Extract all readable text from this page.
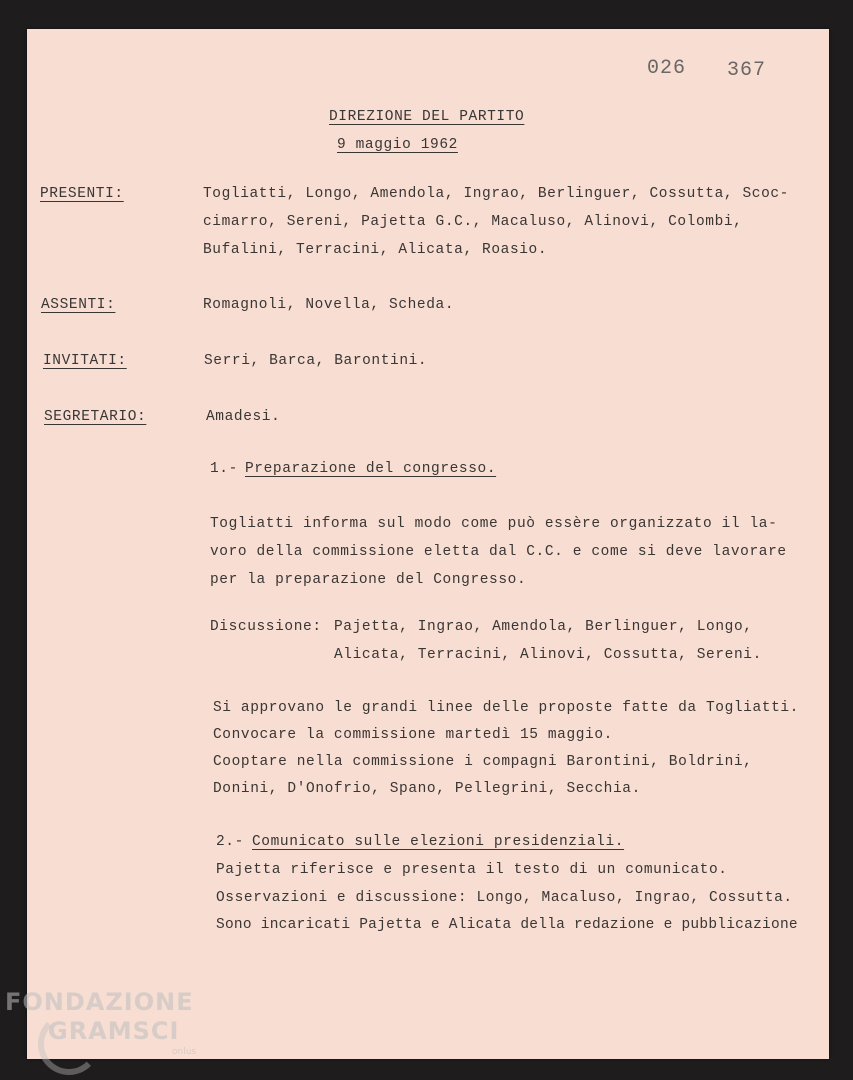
026 367
DIREZIONE DEL PARTITO
9 maggio 1962
PRESENTI:	Togliatti, Longo, Amendola, Ingrao, Berlinguer, Cossutta, Scoc-
cimarro, Sereni, Pajetta G.C., Macaluso, Alinovi, Colombi,
Bufalini, Terracini, Alicata, Roasio.
ASSENTI:	Romagnoli, Novella, Scheda.
INVITATI:	Serri, Barca, Barontini.
SEGRETARIO:	Amadesi.
1.- Preparazione del congresso.
Togliatti informa sul modo come può essère organizzato il la-
voro della commissione eletta dal C.C. e come si deve lavorare
per la preparazione del Congresso.
Discussione: Pajetta, Ingrao, Amendola, Berlinguer, Longo,
Alicata, Terracini, Alinovi, Cossutta, Sereni.
Si approvano le grandi linee delle proposte fatte da Togliatti.
Convocare la commissione martedì 15 maggio.
Cooptare nella commissione i compagni Barontini, Boldrini,
Donini, D'Onofrio, Spano, Pellegrini, Secchia.
2.- Comunicato sulle elezioni presidenziali.
Pajetta riferisce e presenta il testo di un comunicato.
Osservazioni e discussione: Longo, Macaluso, Ingrao, Cossutta.
Sono incaricati Pajetta e Alicata della redazione e pubblicazione
FONDAZIONE
GRAMSCI
onlus
